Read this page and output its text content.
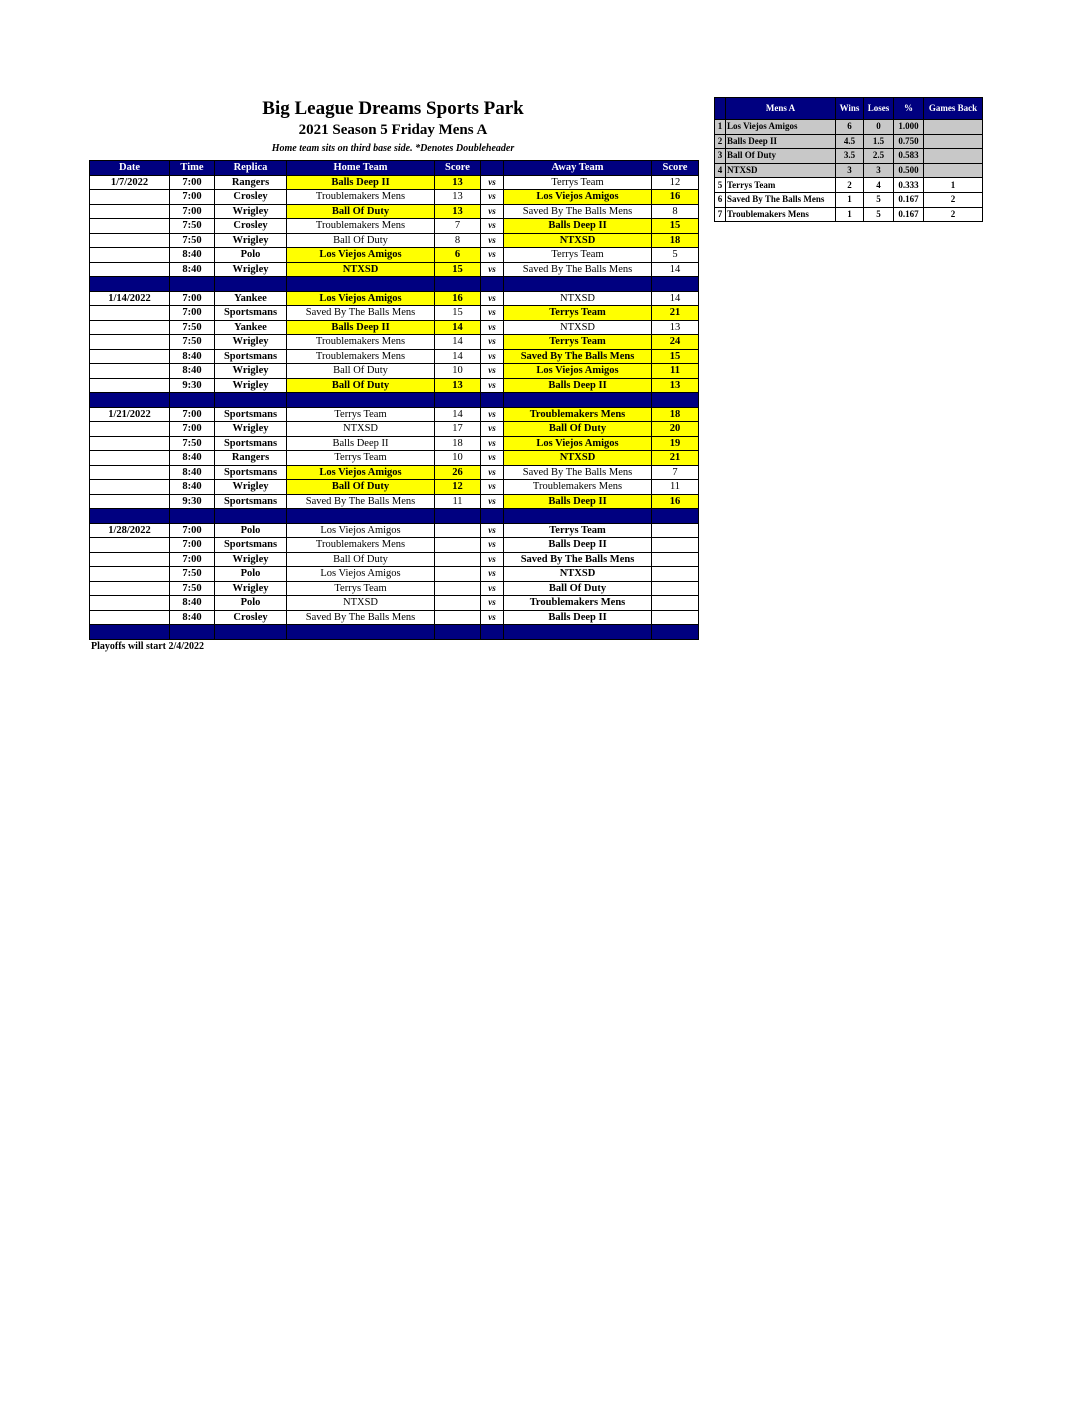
Big League Dreams Sports Park
2021 Season 5 Friday Mens A
Home team sits on third base side. *Denotes Doubleheader
Date	Time	Replica	Home Team	Score		Away Team	Score
1/7/2022	7:00	Rangers	Balls Deep II	13	vs	Terrys Team	12
	7:00	Crosley	Troublemakers Mens	13	vs	Los Viejos Amigos	16
	7:00	Wrigley	Ball Of Duty	13	vs	Saved By The Balls Mens	8
	7:50	Crosley	Troublemakers Mens	7	vs	Balls Deep II	15
	7:50	Wrigley	Ball Of Duty	8	vs	NTXSD	18
	8:40	Polo	Los Viejos Amigos	6	vs	Terrys Team	5
	8:40	Wrigley	NTXSD	15	vs	Saved By The Balls Mens	14

1/14/2022	7:00	Yankee	Los Viejos Amigos	16	vs	NTXSD	14
	7:00	Sportsmans	Saved By The Balls Mens	15	vs	Terrys Team	21
	7:50	Yankee	Balls Deep II	14	vs	NTXSD	13
	7:50	Wrigley	Troublemakers Mens	14	vs	Terrys Team	24
	8:40	Sportsmans	Troublemakers Mens	14	vs	Saved By The Balls Mens	15
	8:40	Wrigley	Ball Of Duty	10	vs	Los Viejos Amigos	11
	9:30	Wrigley	Ball Of Duty	13	vs	Balls Deep II	13

1/21/2022	7:00	Sportsmans	Terrys Team	14	vs	Troublemakers Mens	18
	7:00	Wrigley	NTXSD	17	vs	Ball Of Duty	20
	7:50	Sportsmans	Balls Deep II	18	vs	Los Viejos Amigos	19
	8:40	Rangers	Terrys Team	10	vs	NTXSD	21
	8:40	Sportsmans	Los Viejos Amigos	26	vs	Saved By The Balls Mens	7
	8:40	Wrigley	Ball Of Duty	12	vs	Troublemakers Mens	11
	9:30	Sportsmans	Saved By The Balls Mens	11	vs	Balls Deep II	16

1/28/2022	7:00	Polo	Los Viejos Amigos		vs	Terrys Team	
	7:00	Sportsmans	Troublemakers Mens		vs	Balls Deep II	
	7:00	Wrigley	Ball Of Duty		vs	Saved By The Balls Mens	
	7:50	Polo	Los Viejos Amigos		vs	NTXSD	
	7:50	Wrigley	Terrys Team		vs	Ball Of Duty	
	8:40	Polo	NTXSD		vs	Troublemakers Mens	
	8:40	Crosley	Saved By The Balls Mens		vs	Balls Deep II	

Playoffs will start 2/4/2022
	Mens A	Wins	Loses	%	Games Back
1	Los Viejos Amigos	6	0	1.000	
2	Balls Deep II	4.5	1.5	0.750	
3	Ball Of Duty	3.5	2.5	0.583	
4	NTXSD	3	3	0.500	
5	Terrys Team	2	4	0.333	1
6	Saved By The Balls Mens	1	5	0.167	2
7	Troublemakers Mens	1	5	0.167	2
